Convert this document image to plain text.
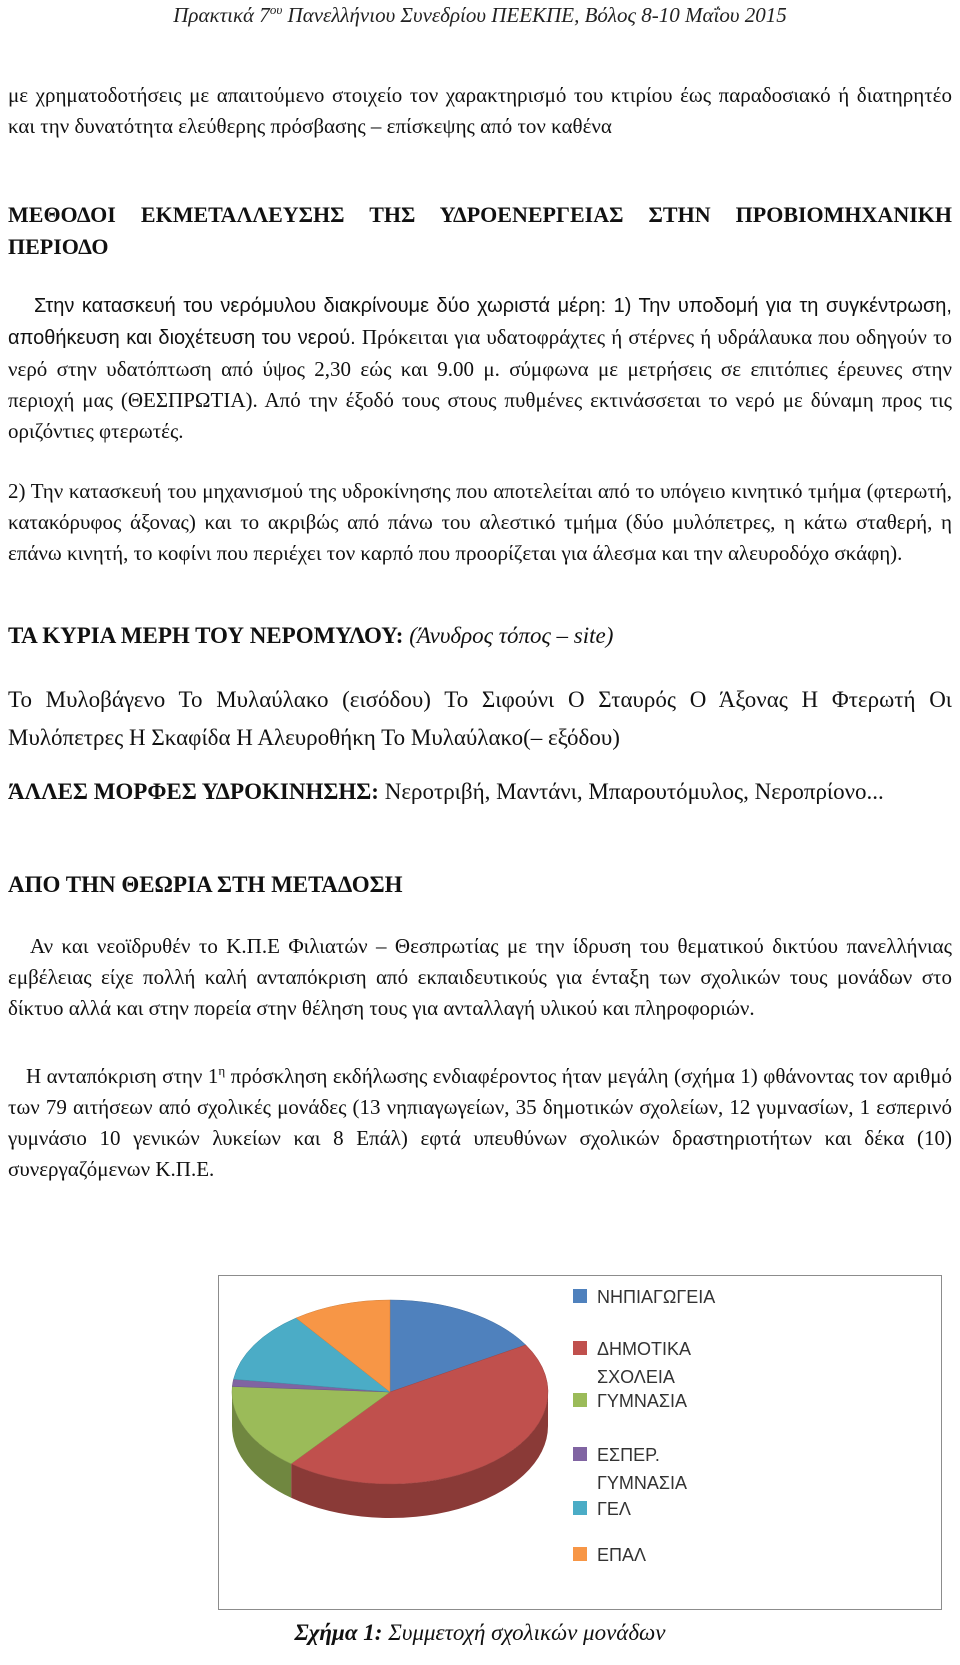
Πρακτικά $7^{o\upsilon}$ Πανελλήνιου Συνεδρίου ΠΕΕΚΠΕ, Βόλος 8-10 Μαΐου 2015

με χρηματοδοτήσεις με απαιτούμενο στοιχείο τον χαρακτηρισμό του κτιρίου έως παραδοσιακό ή διατηρητέο και την δυνατότητα ελεύθερης πρόσβασης – επίσκεψης από τον καθένα

ΜΕΘΟΔΟΙ ΕΚΜΕΤΑΛΛΕΥΣΗΣ ΤΗΣ ΥΔΡΟΕΝΕΡΓΕΙΑΣ ΣΤΗΝ ΠΡΟΒΙΟΜΗΧΑΝΙΚΗ ΠΕΡΙΟΔΟ

Στην κατασκευή του νερόμυλου διακρίνουμε δύο χωριστά μέρη: 1) Την υποδομή για τη συγκέντρωση, αποθήκευση και διοχέτευση του νερού. Πρόκειται για υδατοφράχτες ή στέρνες ή υδράλαυκα που οδηγούν το νερό στην υδατόπτωση από ύψος 2,30 εώς και 9.00 μ. σύμφωνα με μετρήσεις σε επιτόπιες έρευνες στην περιοχή μας (ΘΕΣΠΡΩΤΙΑ). Από την έξοδό τους στους πυθμένες εκτινάσσεται το νερό με δύναμη προς τις οριζόντιες φτερωτές.

2) Την κατασκευή του μηχανισμού της υδροκίνησης που αποτελείται από το υπόγειο κινητικό τμήμα (φτερωτή, κατακόρυφος άξονας) και το ακριβώς από πάνω του αλεστικό τμήμα (δύο μυλόπετρες, η κάτω σταθερή, η επάνω κινητή, το κοφίνι που περιέχει τον καρπό που προορίζεται για άλεσμα και την αλευροδόχο σκάφη).

ΤΑ ΚΥΡΙΑ ΜΕΡΗ ΤΟΥ ΝΕΡΟΜΥΛΟΥ: (Άνυδρος τόπος – site)

Το Μυλοβάγενο Το Μυλαύλακο (εισόδου) Το Σιφούνι Ο Σταυρός Ο Άξονας Η Φτερωτή Οι Μυλόπετρες Η Σκαφίδα Η Αλευροθήκη Το Μυλαύλακο(– εξόδου)

ΆΛΛΕΣ ΜΟΡΦΕΣ ΥΔΡΟΚΙΝΗΣΗΣ: Νεροτριβή, Μαντάνι, Μπαρουτόμυλος, Νεροπρίονο...

ΑΠΟ ΤΗΝ ΘΕΩΡΙΑ ΣΤΗ ΜΕΤΑΔΟΣΗ

Αν και νεοϊδρυθέν το Κ.Π.Ε Φιλιατών – Θεσπρωτίας με την ίδρυση του θεματικού δικτύου πανελλήνιας εμβέλειας είχε πολλή καλή ανταπόκριση από εκπαιδευτικούς για ένταξη των σχολικών τους μονάδων στο δίκτυο αλλά και στην πορεία στην θέληση τους για ανταλλαγή υλικού και πληροφοριών.

Η ανταπόκριση στην $1^\eta$ πρόσκληση εκδήλωσης ενδιαφέροντος ήταν μεγάλη (σχήμα 1) φθάνοντας τον αριθμό των 79 αιτήσεων από σχολικές μονάδες (13 νηπιαγωγείων, 35 δημοτικών σχολείων, 12 γυμνασίων, 1 εσπερινό γυμνάσιο 10 γενικών λυκείων και 8 Επάλ) εφτά υπευθύνων σχολικών δραστηριοτήτων και δέκα (10) συνεργαζόμενων Κ.Π.Ε.

ΝΗΠΙΑΓΩΓΕΙΑ
ΔΗΜΟΤΙΚΑ
ΣΧΟΛΕΙΑ
ΓΥΜΝΑΣΙΑ
ΕΣΠΕΡ.
ΓΥΜΝΑΣΙΑ
ΓΕΛ
ΕΠΑΛ
Σχήμα 1: Συμμετοχή σχολικών μονάδων
